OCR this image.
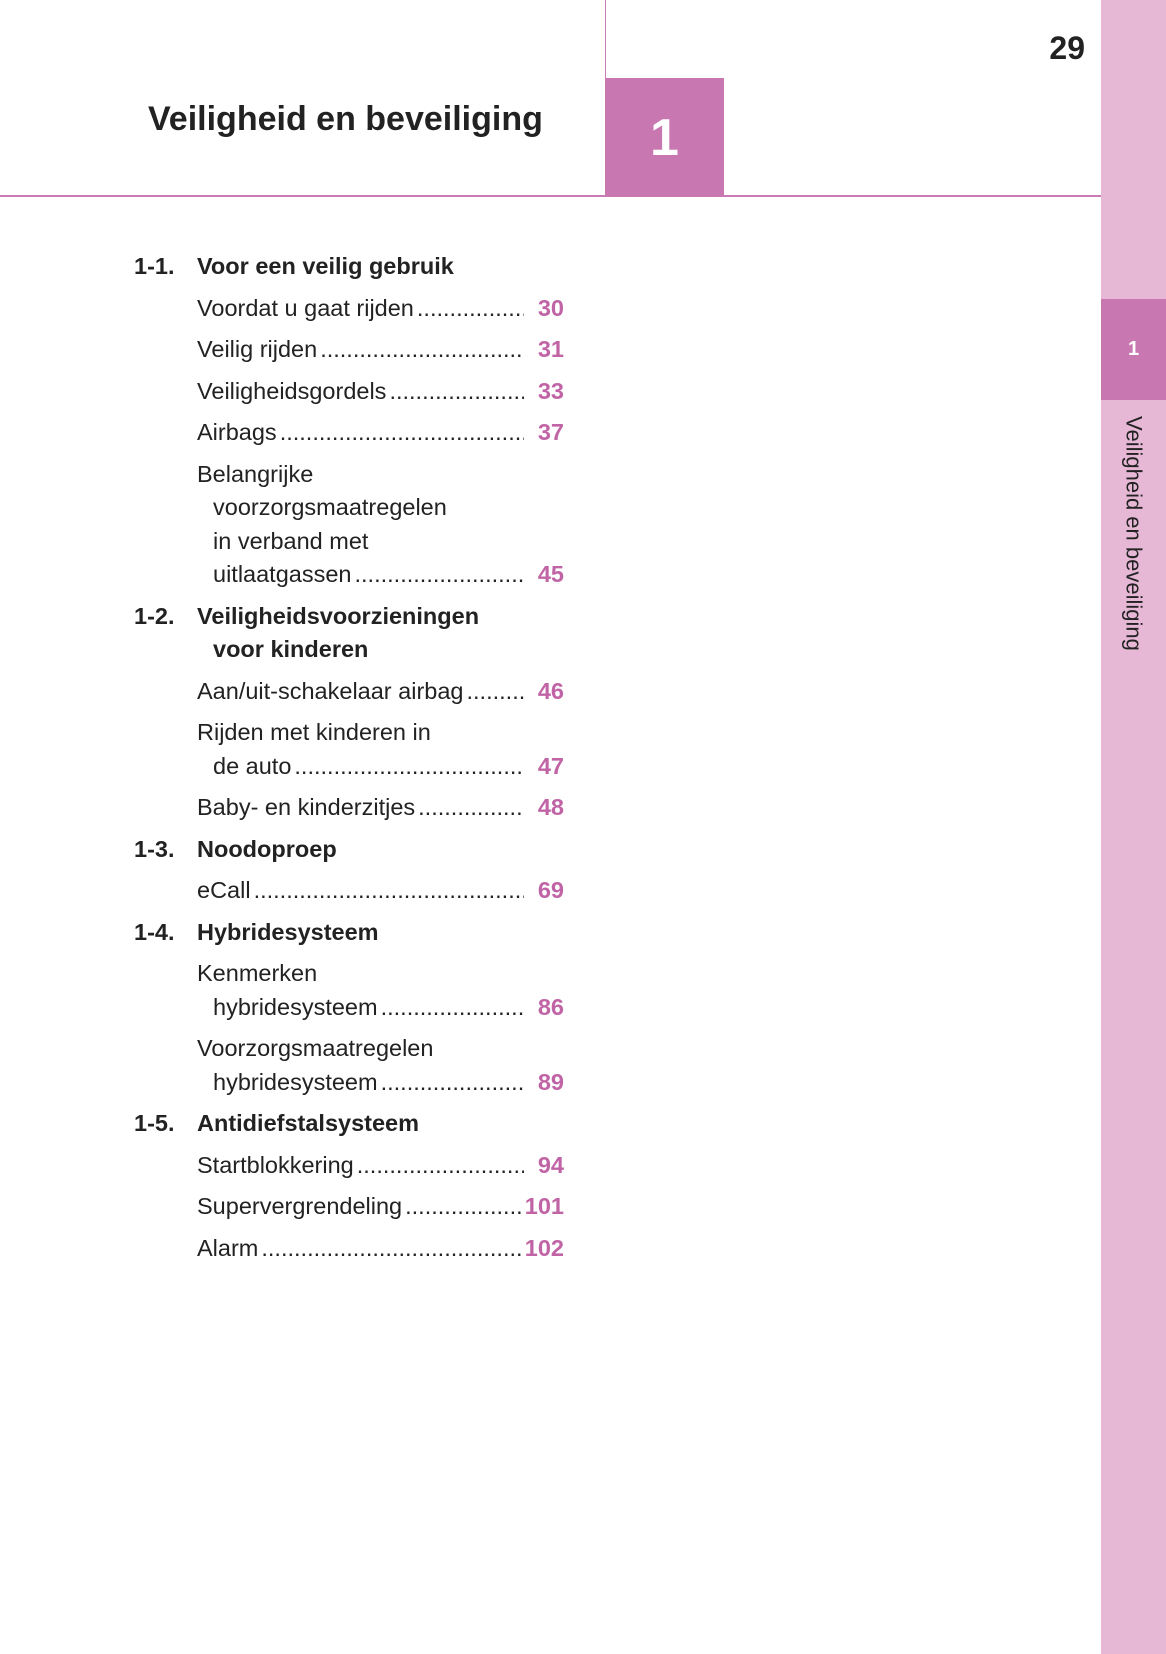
1
Veiligheid en beveiliging
1
Veiligheid en beveiliging
29
1-1. Voor een veilig gebruik
Voordat u gaat rijden .....	30
Veilig rijden .....	31
Veiligheidsgordels .....	33
Airbags .....	37
Belangrijke
voorzorgsmaatregelen
in verband met
uitlaatgassen .....	45
1-2. Veiligheidsvoorzieningen
voor kinderen
Aan/uit-schakelaar airbag .....	46
Rijden met kinderen in
de auto .....	47
Baby- en kinderzitjes .....	48
1-3. Noodoproep
eCall .....	69
1-4. Hybridesysteem
Kenmerken
hybridesysteem .....	86
Voorzorgsmaatregelen
hybridesysteem .....	89
1-5. Antidiefstalsysteem
Startblokkering .....	94
Supervergrendeling .....	101
Alarm .....	102
